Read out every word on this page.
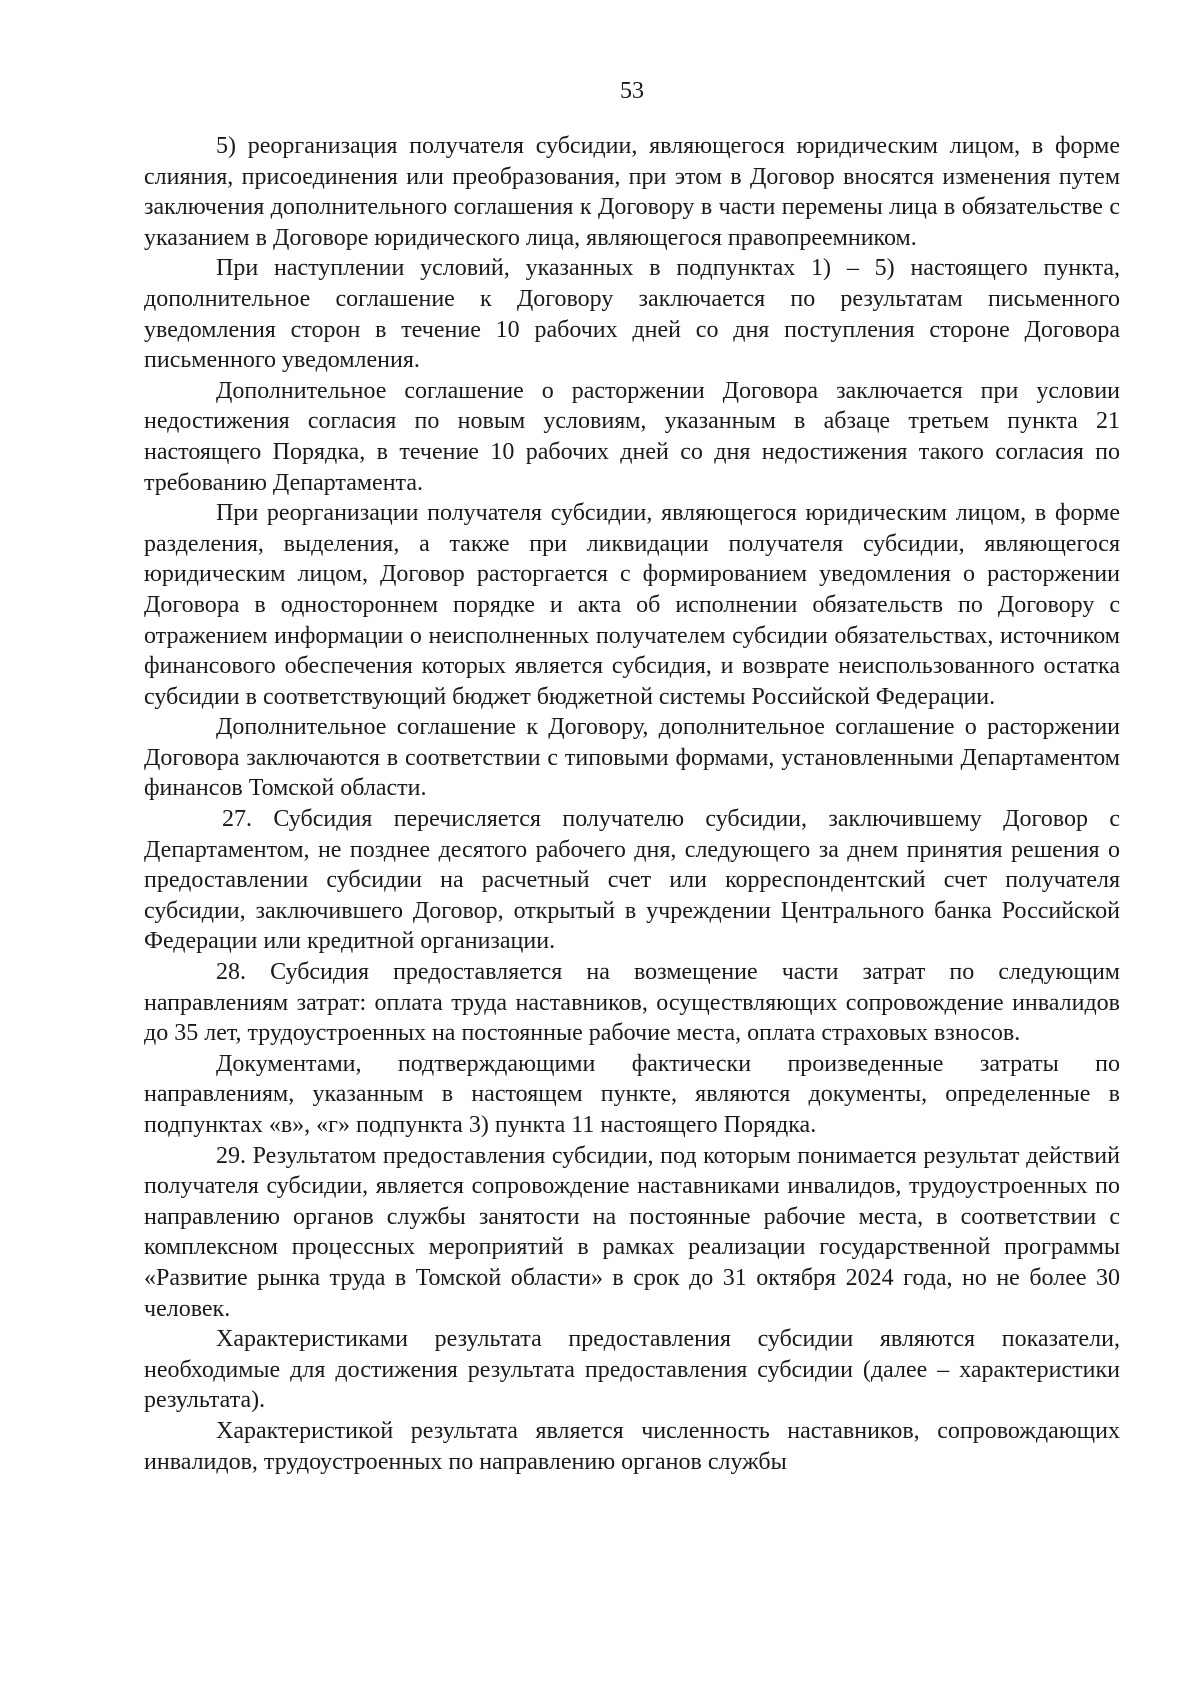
53

5) реорганизация получателя субсидии, являющегося юридическим лицом, в форме слияния, присоединения или преобразования, при этом в Договор вносятся изменения путем заключения дополнительного соглашения к Договору в части перемены лица в обязательстве с указанием в Договоре юридического лица, являющегося правопреемником.

При наступлении условий, указанных в подпунктах 1) – 5) настоящего пункта, дополнительное соглашение к Договору заключается по результатам письменного уведомления сторон в течение 10 рабочих дней со дня поступления стороне Договора письменного уведомления.

Дополнительное соглашение о расторжении Договора заключается при условии недостижения согласия по новым условиям, указанным в абзаце третьем пункта 21 настоящего Порядка, в течение 10 рабочих дней со дня недостижения такого согласия по требованию Департамента.

При реорганизации получателя субсидии, являющегося юридическим лицом, в форме разделения, выделения, а также при ликвидации получателя субсидии, являющегося юридическим лицом, Договор расторгается с формированием уведомления о расторжении Договора в одностороннем порядке и акта об исполнении обязательств по Договору с отражением информации о неисполненных получателем субсидии обязательствах, источником финансового обеспечения которых является субсидия, и возврате неиспользованного остатка субсидии в соответствующий бюджет бюджетной системы Российской Федерации.

Дополнительное соглашение к Договору, дополнительное соглашение о расторжении Договора заключаются в соответствии с типовыми формами, установленными Департаментом финансов Томской области.

27. Субсидия перечисляется получателю субсидии, заключившему Договор с Департаментом, не позднее десятого рабочего дня, следующего за днем принятия решения о предоставлении субсидии на расчетный счет или корреспондентский счет получателя субсидии, заключившего Договор, открытый в учреждении Центрального банка Российской Федерации или кредитной организации.

28. Субсидия предоставляется на возмещение части затрат по следующим направлениям затрат: оплата труда наставников, осуществляющих сопровождение инвалидов до 35 лет, трудоустроенных на постоянные рабочие места, оплата страховых взносов.

Документами, подтверждающими фактически произведенные затраты по направлениям, указанным в настоящем пункте, являются документы, определенные в подпунктах «в», «г» подпункта 3) пункта 11 настоящего Порядка.

29. Результатом предоставления субсидии, под которым понимается результат действий получателя субсидии, является сопровождение наставниками инвалидов, трудоустроенных по направлению органов службы занятости на постоянные рабочие места, в соответствии с комплексном процессных мероприятий в рамках реализации государственной программы «Развитие рынка труда в Томской области» в срок до 31 октября 2024 года, но не более 30 человек.

Характеристиками результата предоставления субсидии являются показатели, необходимые для достижения результата предоставления субсидии (далее – характеристики результата).

Характеристикой результата является численность наставников, сопровождающих инвалидов, трудоустроенных по направлению органов службы
